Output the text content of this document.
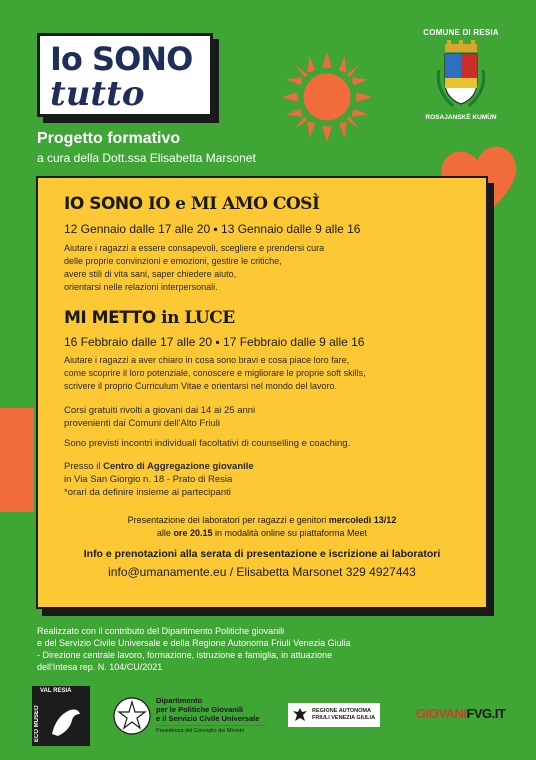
Io SONO
tutto
COMUNE DI RESIA
ROSAJANSKÉ KUMÜN
Progetto formativo
a cura della Dott.ssa Elisabetta Marsonet
IO SONO IO e MI AMO COSÌ
12 Gennaio dalle 17 alle 20 ▪ 13 Gennaio dalle 9 alle 16
Aiutare i ragazzi a essere consapevoli, scegliere e prendersi cura
delle proprie convinzioni e emozioni, gestire le critiche,
avere stili di vita sani, saper chiedere aiuto,
orientarsi nelle relazioni interpersonali.
MI METTO in LUCE
16 Febbraio dalle 17 alle 20 ▪ 17 Febbraio dalle 9 alle 16
Aiutare i ragazzi a aver chiaro in cosa sono bravi e cosa piace loro fare,
come scoprire il loro potenziale, conoscere e migliorare le proprie soft skills,
scrivere il proprio Curriculum Vitae e orientarsi nel mondo del lavoro.
Corsi gratuiti rivolti a giovani dai 14 ai 25 anni
provenienti dai Comuni dell'Alto Friuli
Sono previsti incontri individuali facoltativi di counselling e coaching.
Presso il Centro di Aggregazione giovanile
in Via San Giorgio n. 18 - Prato di Resia
*orari da definire insieme ai partecipanti
Presentazione dei laboratori per ragazzi e genitori mercoledì 13/12
alle ore 20.15 in modalità online su piattaforma Meet
Info e prenotazioni alla serata di presentazione e iscrizione ai laboratori
info@umanamente.eu / Elisabetta Marsonet 329 4927443
Realizzato con il contributo del Dipartimento Politiche giovanili
e del Servizio Civile Universale e della Regione Autonoma Friuli Venezia Giulia
- Direzione centrale lavoro, formazione, istruzione e famiglia, in attuazione
dell'Intesa rep. N. 104/CU/2021
ECO MUSEO
VAL RESIA
Dipartimento
per le Politiche Giovanili
e il Servizio Civile Universale
Presidenza del Consiglio dei Ministri
REGIONE AUTONOMA
FRIULI VENEZIA GIULIA	GIOVANIFVG.IT
